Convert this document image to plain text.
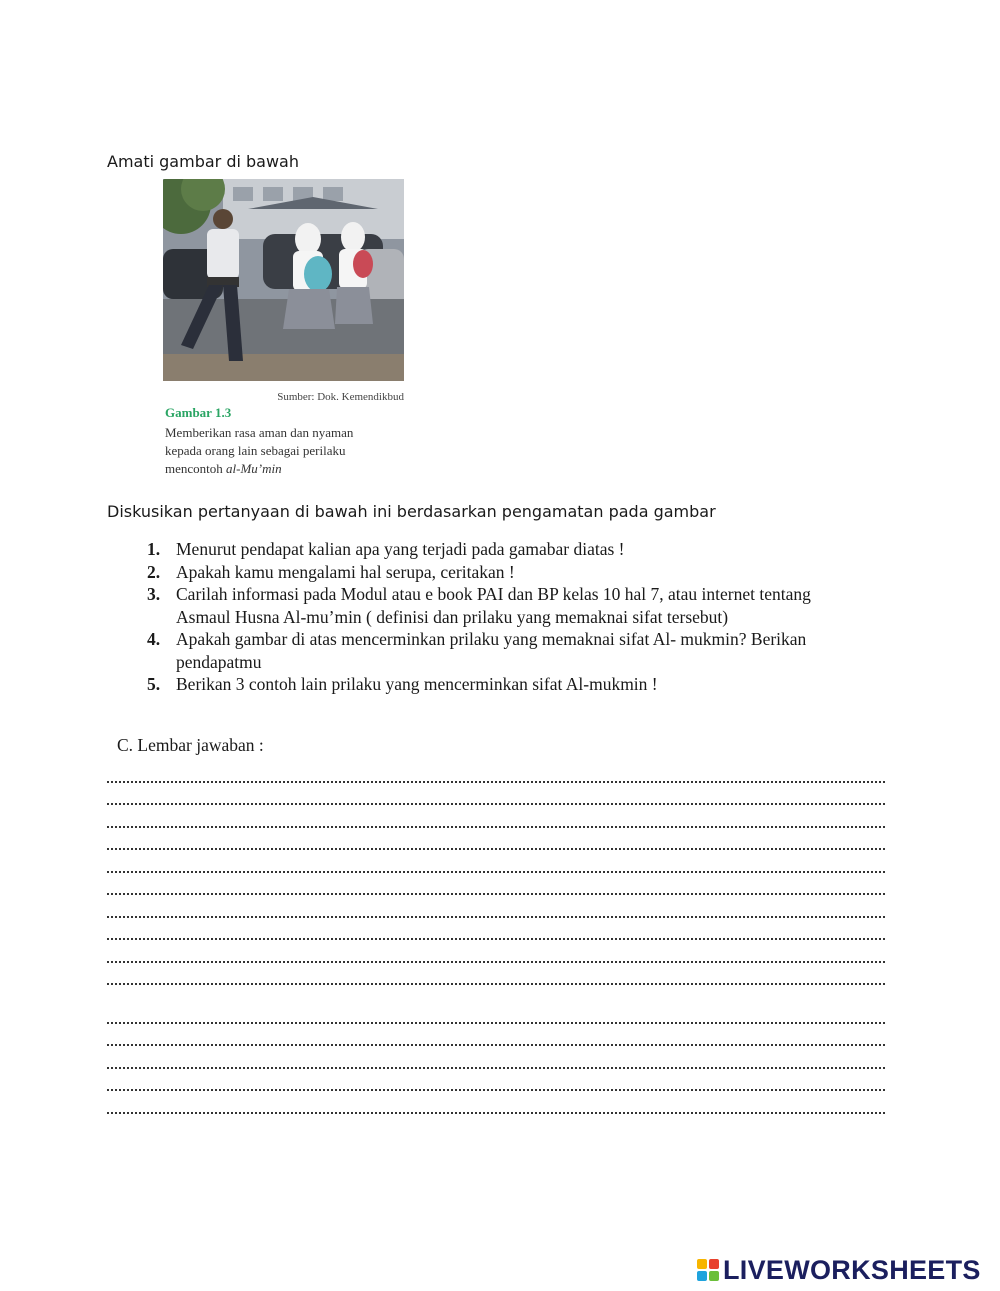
Amati gambar di bawah
Sumber: Dok. Kemendikbud
Gambar 1.3
Memberikan rasa aman dan nyaman
kepada orang lain sebagai perilaku
mencontoh al-Mu’min
Diskusikan pertanyaan di bawah ini berdasarkan pengamatan pada gambar
1. Menurut pendapat kalian apa yang terjadi pada gamabar diatas !
2. Apakah kamu mengalami hal serupa, ceritakan !
3. Carilah informasi pada Modul atau e book PAI dan BP kelas 10 hal 7, atau internet tentang
Asmaul Husna Al-mu’min ( definisi dan prilaku yang memaknai sifat tersebut)
4. Apakah gambar di atas mencerminkan prilaku yang memaknai sifat Al- mukmin? Berikan
pendapatmu
5. Berikan 3 contoh lain prilaku yang mencerminkan sifat Al-mukmin !
C. Lembar jawaban :
LIVEWORKSHEETS
